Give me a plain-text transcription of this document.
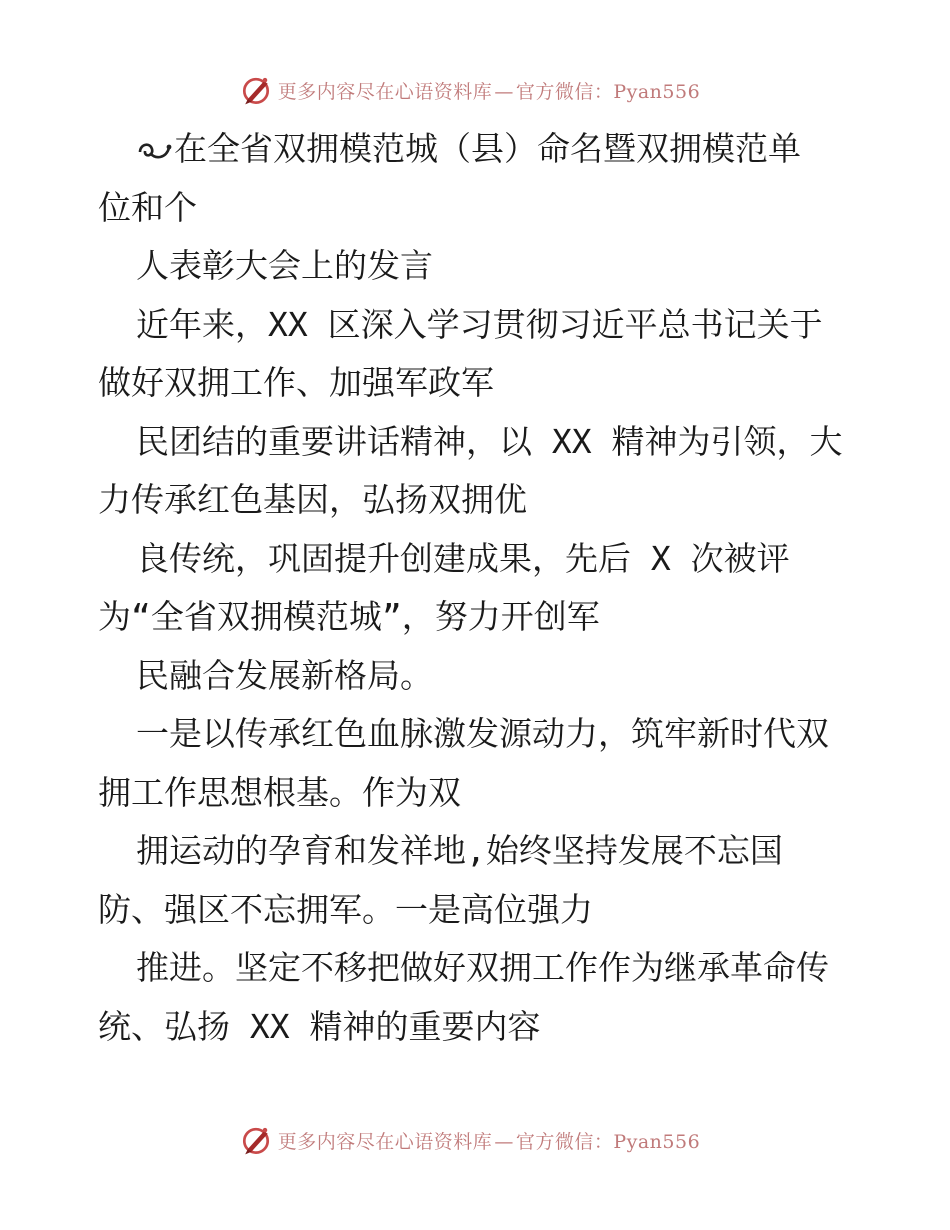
更多内容尽在心语资料库 — 官方微信：Pyan556
在全省双拥模范城（县）命名暨双拥模范单
位和个
人表彰大会上的发言
近年来，XX 区深入学习贯彻习近平总书记关于
做好双拥工作、加强军政军
民团结的重要讲话精神，以 XX 精神为引领，大
力传承红色基因，弘扬双拥优
良传统，巩固提升创建成果，先后 X 次被评
为“全省双拥模范城”，努力开创军
民融合发展新格局。
一是以传承红色血脉激发源动力，筑牢新时代双
拥工作思想根基。作为双
拥运动的孕育和发祥地,始终坚持发展不忘国
防、强区不忘拥军。一是高位强力
推进。坚定不移把做好双拥工作作为继承革命传
统、弘扬 XX 精神的重要内容
更多内容尽在心语资料库 — 官方微信：Pyan556
